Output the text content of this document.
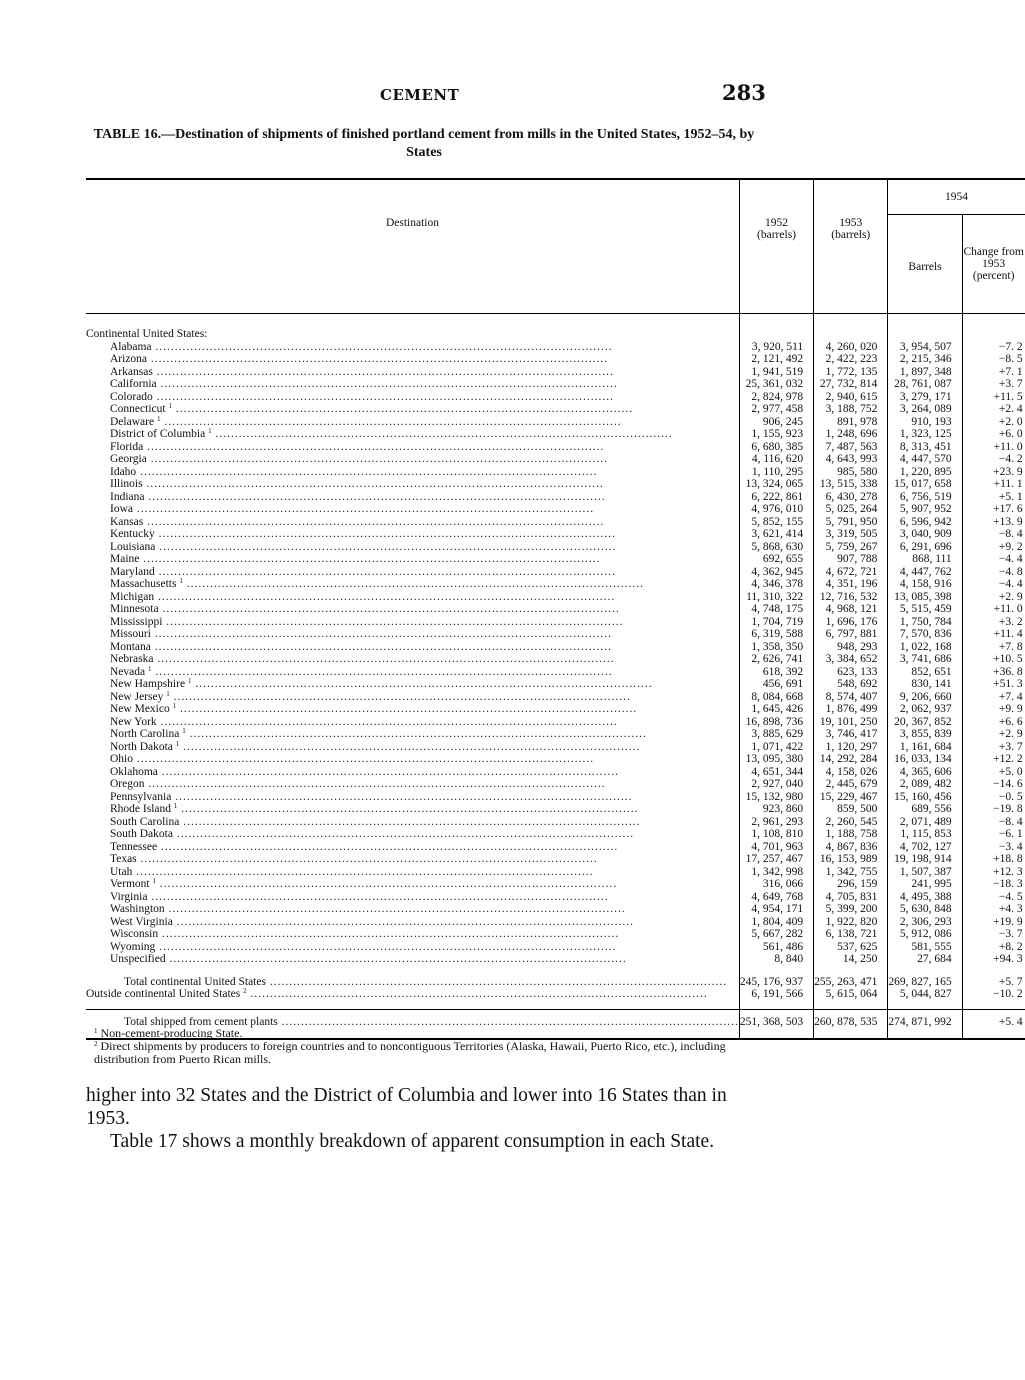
CEMENT	283
TABLE 16.—Destination of shipments of finished portland cement from mills in the United States, 1952–54, by States
Destination	1952 (barrels)	1953 (barrels)	1954	
			Barrels	Change from 1953 (percent)

Continental United States:				
Alabama .....	3, 920, 511	4, 260, 020	3, 954, 507	−7. 2
Arizona .....	2, 121, 492	2, 422, 223	2, 215, 346	−8. 5
Arkansas .....	1, 941, 519	1, 772, 135	1, 897, 348	+7. 1
California .....	25, 361, 032	27, 732, 814	28, 761, 087	+3. 7
Colorado .....	2, 824, 978	2, 940, 615	3, 279, 171	+11. 5
Connecticut $^1$ .....	2, 977, 458	3, 188, 752	3, 264, 089	+2. 4
Delaware $^1$ .....	906, 245	891, 978	910, 193	+2. 0
District of Columbia $^1$ .....	1, 155, 923	1, 248, 696	1, 323, 125	+6. 0
Florida .....	6, 680, 385	7, 487, 563	8, 313, 451	+11. 0
Georgia .....	4, 116, 620	4, 643, 993	4, 447, 570	−4. 2
Idaho .....	1, 110, 295	985, 580	1, 220, 895	+23. 9
Illinois .....	13, 324, 065	13, 515, 338	15, 017, 658	+11. 1
Indiana .....	6, 222, 861	6, 430, 278	6, 756, 519	+5. 1
Iowa .....	4, 976, 010	5, 025, 264	5, 907, 952	+17. 6
Kansas .....	5, 852, 155	5, 791, 950	6, 596, 942	+13. 9
Kentucky .....	3, 621, 414	3, 319, 505	3, 040, 909	−8. 4
Louisiana .....	5, 868, 630	5, 759, 267	6, 291, 696	+9. 2
Maine .....	692, 655	907, 788	868, 111	−4. 4
Maryland .....	4, 362, 945	4, 672, 721	4, 447, 762	−4. 8
Massachusetts $^1$ .....	4, 346, 378	4, 351, 196	4, 158, 916	−4. 4
Michigan .....	11, 310, 322	12, 716, 532	13, 085, 398	+2. 9
Minnesota .....	4, 748, 175	4, 968, 121	5, 515, 459	+11. 0
Mississippi .....	1, 704, 719	1, 696, 176	1, 750, 784	+3. 2
Missouri .....	6, 319, 588	6, 797, 881	7, 570, 836	+11. 4
Montana .....	1, 358, 350	948, 293	1, 022, 168	+7. 8
Nebraska .....	2, 626, 741	3, 384, 652	3, 741, 686	+10. 5
Nevada $^1$ .....	618, 392	623, 133	852, 651	+36. 8
New Hampshire $^1$ .....	456, 691	548, 692	830, 141	+51. 3
New Jersey $^1$ .....	8, 084, 668	8, 574, 407	9, 206, 660	+7. 4
New Mexico $^1$ .....	1, 645, 426	1, 876, 499	2, 062, 937	+9. 9
New York .....	16, 898, 736	19, 101, 250	20, 367, 852	+6. 6
North Carolina $^1$ .....	3, 885, 629	3, 746, 417	3, 855, 839	+2. 9
North Dakota $^1$ .....	1, 071, 422	1, 120, 297	1, 161, 684	+3. 7
Ohio .....	13, 095, 380	14, 292, 284	16, 033, 134	+12. 2
Oklahoma .....	4, 651, 344	4, 158, 026	4, 365, 606	+5. 0
Oregon .....	2, 927, 040	2, 445, 679	2, 089, 482	−14. 6
Pennsylvania .....	15, 132, 980	15, 229, 467	15, 160, 456	−0. 5
Rhode Island $^1$ .....	923, 860	859, 500	689, 556	−19. 8
South Carolina .....	2, 961, 293	2, 260, 545	2, 071, 489	−8. 4
South Dakota .....	1, 108, 810	1, 188, 758	1, 115, 853	−6. 1
Tennessee .....	4, 701, 963	4, 867, 836	4, 702, 127	−3. 4
Texas .....	17, 257, 467	16, 153, 989	19, 198, 914	+18. 8
Utah .....	1, 342, 998	1, 342, 755	1, 507, 387	+12. 3
Vermont $^1$ .....	316, 066	296, 159	241, 995	−18. 3
Virginia .....	4, 649, 768	4, 705, 831	4, 495, 388	−4. 5
Washington .....	4, 954, 171	5, 399, 200	5, 630, 848	+4. 3
West Virginia .....	1, 804, 409	1, 922, 820	2, 306, 293	+19. 9
Wisconsin .....	5, 667, 282	6, 138, 721	5, 912, 086	−3. 7
Wyoming .....	561, 486	537, 625	581, 555	+8. 2
Unspecified .....	8, 840	14, 250	27, 684	+94. 3

Total continental United States .....	245, 176, 937	255, 263, 471	269, 827, 165	+5. 7
Outside continental United States $^2$ .....	6, 191, 566	5, 615, 064	5, 044, 827	−10. 2

Total shipped from cement plants .....	251, 368, 503	260, 878, 535	274, 871, 992	+5. 4

$^1$ Non-cement-producing State.

$^2$ Direct shipments by producers to foreign countries and to noncontiguous Territories (Alaska, Hawaii, Puerto Rico, etc.), including distribution from Puerto Rican mills.

higher into 32 States and the District of Columbia and lower into 16 States than in 1953.

Table 17 shows a monthly breakdown of apparent consumption in each State.
